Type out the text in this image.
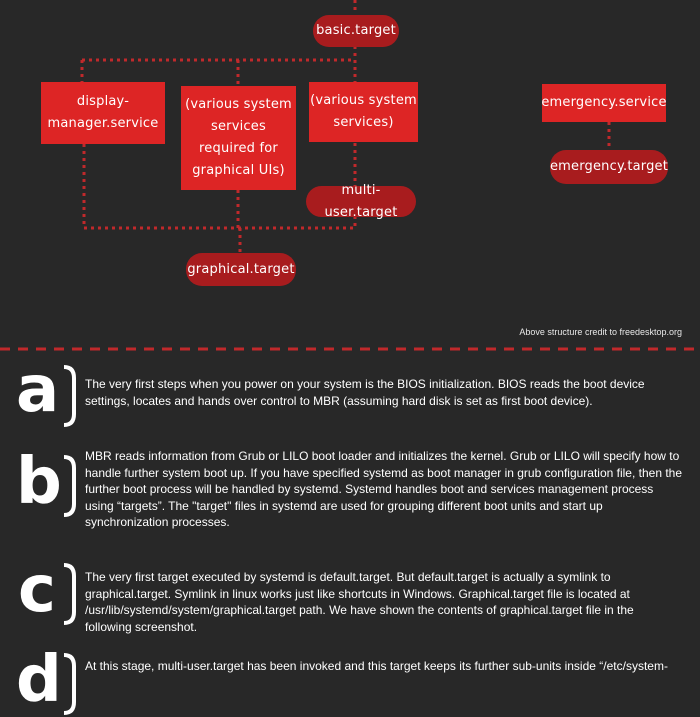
basic.target
display-
manager.service
(various system
services
required for
graphical UIs)
(various system
services)
multi-user.target
graphical.target
emergency.service
emergency.target
Above structure credit to freedesktop.org
a The very first steps when you power on your system is the BIOS initialization. BIOS reads the boot device settings, locates and hands over control to MBR (assuming hard disk is set as first boot device).
b MBR reads information from Grub or LILO boot loader and initializes the kernel. Grub or LILO will specify how to handle further system boot up. If you have specified systemd as boot manager in grub configuration file, then the further boot process will be handled by systemd. Systemd handles boot and services management process using “targets”. The "target" files in systemd are used for grouping different boot units and start up synchronization processes.
c The very first target executed by systemd is default.target. But default.target is actually a symlink to graphical.target. Symlink in linux works just like shortcuts in Windows. Graphical.target file is located at /usr/lib/systemd/system/graphical.target path. We have shown the contents of graphical.target file in the following screenshot.
d At this stage, multi-user.target has been invoked and this target keeps its further sub-units inside “/etc/system-
